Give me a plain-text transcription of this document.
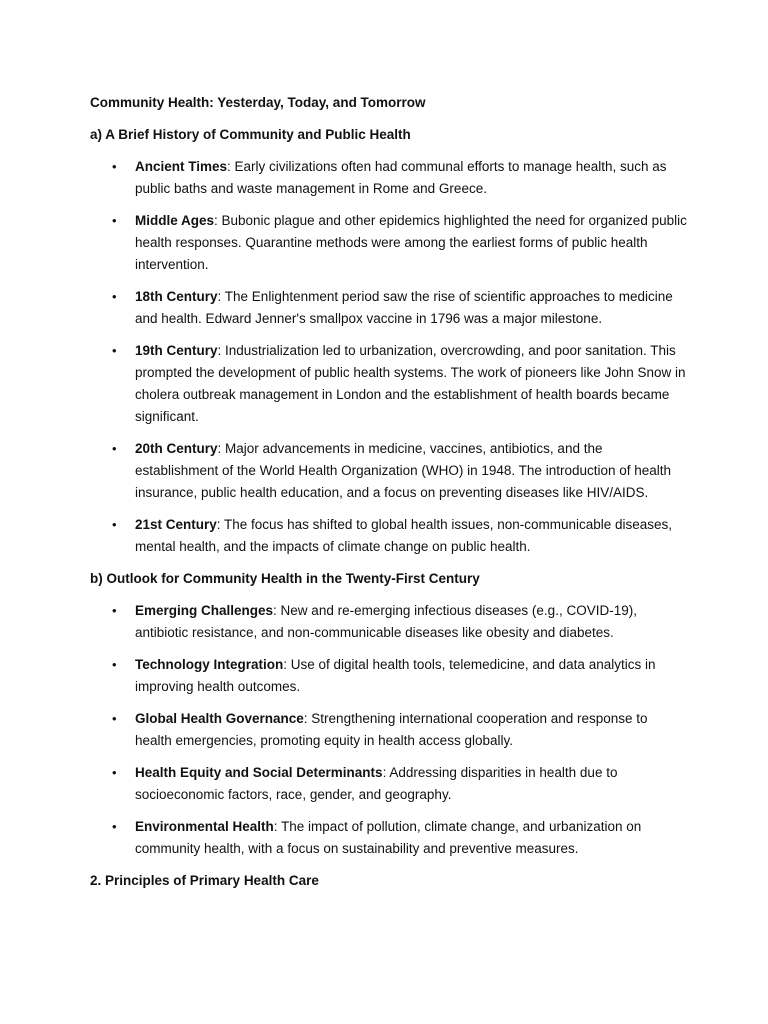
Community Health: Yesterday, Today, and Tomorrow
a) A Brief History of Community and Public Health
• Ancient Times: Early civilizations often had communal efforts to manage health, such as public baths and waste management in Rome and Greece.
• Middle Ages: Bubonic plague and other epidemics highlighted the need for organized public health responses. Quarantine methods were among the earliest forms of public health intervention.
• 18th Century: The Enlightenment period saw the rise of scientific approaches to medicine and health. Edward Jenner's smallpox vaccine in 1796 was a major milestone.
• 19th Century: Industrialization led to urbanization, overcrowding, and poor sanitation. This prompted the development of public health systems. The work of pioneers like John Snow in cholera outbreak management in London and the establishment of health boards became significant.
• 20th Century: Major advancements in medicine, vaccines, antibiotics, and the establishment of the World Health Organization (WHO) in 1948. The introduction of health insurance, public health education, and a focus on preventing diseases like HIV/AIDS.
• 21st Century: The focus has shifted to global health issues, non-communicable diseases, mental health, and the impacts of climate change on public health.
b) Outlook for Community Health in the Twenty-First Century
• Emerging Challenges: New and re-emerging infectious diseases (e.g., COVID-19), antibiotic resistance, and non-communicable diseases like obesity and diabetes.
• Technology Integration: Use of digital health tools, telemedicine, and data analytics in improving health outcomes.
• Global Health Governance: Strengthening international cooperation and response to health emergencies, promoting equity in health access globally.
• Health Equity and Social Determinants: Addressing disparities in health due to socioeconomic factors, race, gender, and geography.
• Environmental Health: The impact of pollution, climate change, and urbanization on community health, with a focus on sustainability and preventive measures.
2. Principles of Primary Health Care
